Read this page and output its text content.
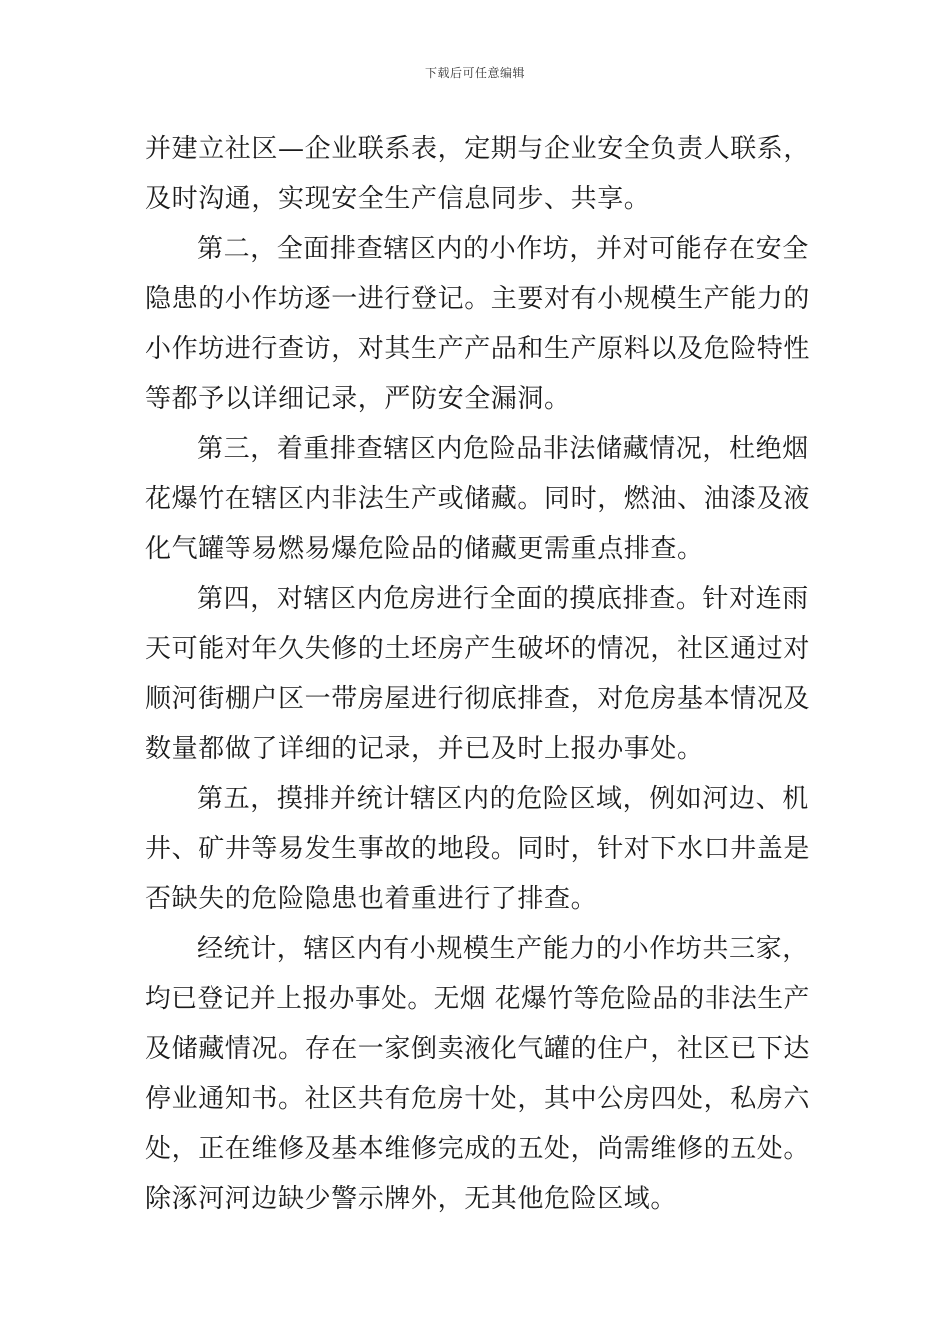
下载后可任意编辑

并建立社区—企业联系表，定期与企业安全负责人联系，

及时沟通，实现安全生产信息同步、共享。

第二，全面排查辖区内的小作坊，并对可能存在安全

隐患的小作坊逐一进行登记。主要对有小规模生产能力的

小作坊进行查访，对其生产产品和生产原料以及危险特性

等都予以详细记录，严防安全漏洞。

第三，着重排查辖区内危险品非法储藏情况，杜绝烟

花爆竹在辖区内非法生产或储藏。同时，燃油、油漆及液

化气罐等易燃易爆危险品的储藏更需重点排查。

第四，对辖区内危房进行全面的摸底排查。针对连雨

天可能对年久失修的土坯房产生破坏的情况，社区通过对

顺河街棚户区一带房屋进行彻底排查，对危房基本情况及

数量都做了详细的记录，并已及时上报办事处。

第五，摸排并统计辖区内的危险区域，例如河边、机

井、矿井等易发生事故的地段。同时，针对下水口井盖是

否缺失的危险隐患也着重进行了排查。

经统计，辖区内有小规模生产能力的小作坊共三家，

均已登记并上报办事处。无烟 花爆竹等危险品的非法生产

及储藏情况。存在一家倒卖液化气罐的住户，社区已下达

停业通知书。社区共有危房十处，其中公房四处，私房六

处，正在维修及基本维修完成的五处，尚需维修的五处。

除涿河河边缺少警示牌外，无其他危险区域。
